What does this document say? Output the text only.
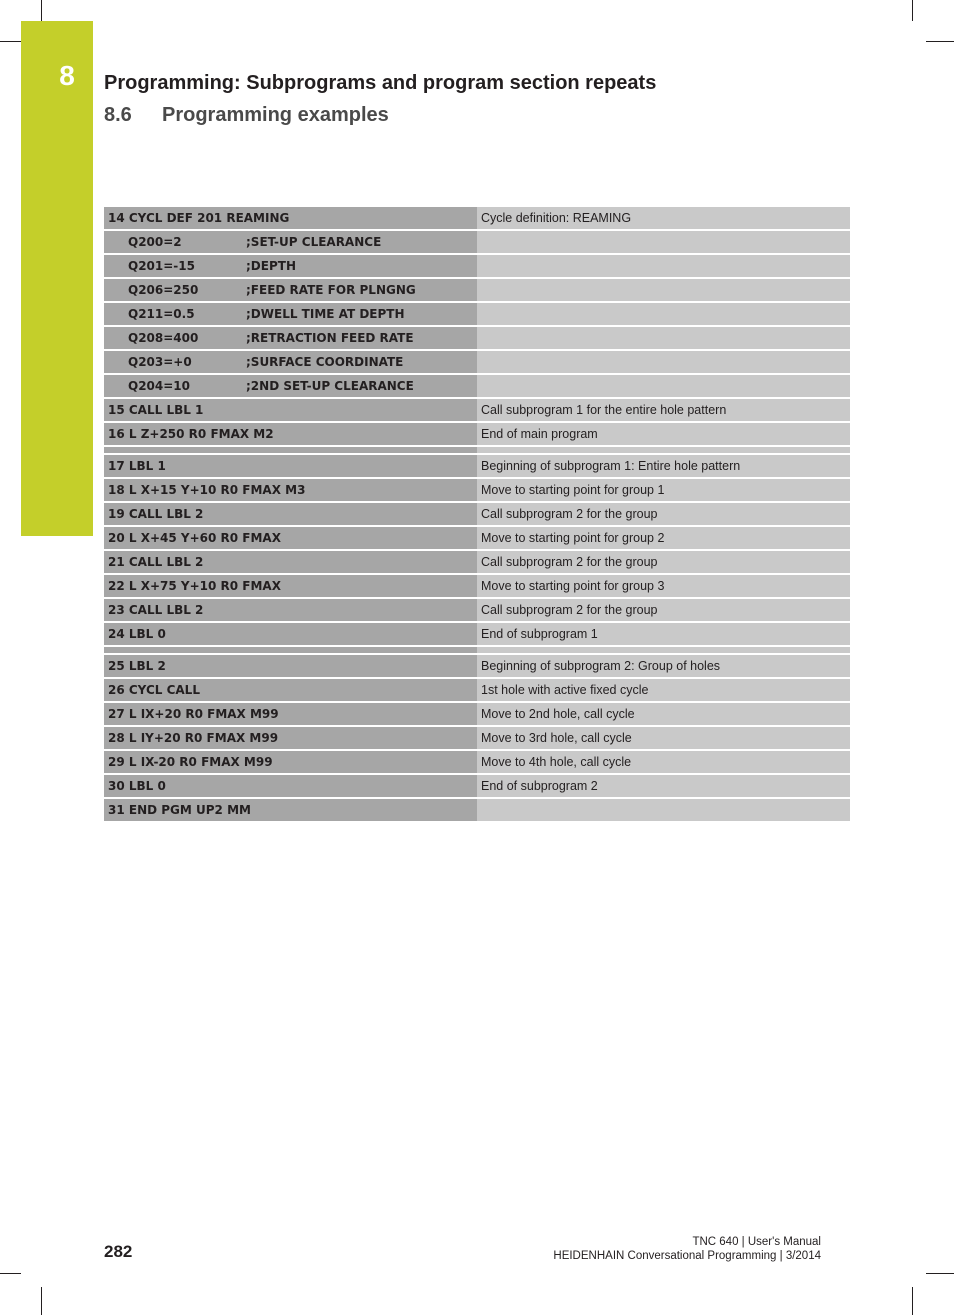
8	Programming: Subprograms and program section repeats
8.6 Programming examples
14 CYCL DEF 201 REAMING	Cycle definition: REAMING
Q200=2 ;SET-UP CLEARANCE	
Q201=-15 ;DEPTH	
Q206=250 ;FEED RATE FOR PLNGNG	
Q211=0.5 ;DWELL TIME AT DEPTH	
Q208=400 ;RETRACTION FEED RATE	
Q203=+0 ;SURFACE COORDINATE	
Q204=10 ;2ND SET-UP CLEARANCE	
15 CALL LBL 1	Call subprogram 1 for the entire hole pattern
16 L Z+250 R0 FMAX M2	End of main program

17 LBL 1	Beginning of subprogram 1: Entire hole pattern
18 L X+15 Y+10 R0 FMAX M3	Move to starting point for group 1
19 CALL LBL 2	Call subprogram 2 for the group
20 L X+45 Y+60 R0 FMAX	Move to starting point for group 2
21 CALL LBL 2	Call subprogram 2 for the group
22 L X+75 Y+10 R0 FMAX	Move to starting point for group 3
23 CALL LBL 2	Call subprogram 2 for the group
24 LBL 0	End of subprogram 1

25 LBL 2	Beginning of subprogram 2: Group of holes
26 CYCL CALL	1st hole with active fixed cycle
27 L IX+20 R0 FMAX M99	Move to 2nd hole, call cycle
28 L IY+20 R0 FMAX M99	Move to 3rd hole, call cycle
29 L IX-20 R0 FMAX M99	Move to 4th hole, call cycle
30 LBL 0	End of subprogram 2
31 END PGM UP2 MM	
282	TNC 640 | User's Manual
HEIDENHAIN Conversational Programming | 3/2014
